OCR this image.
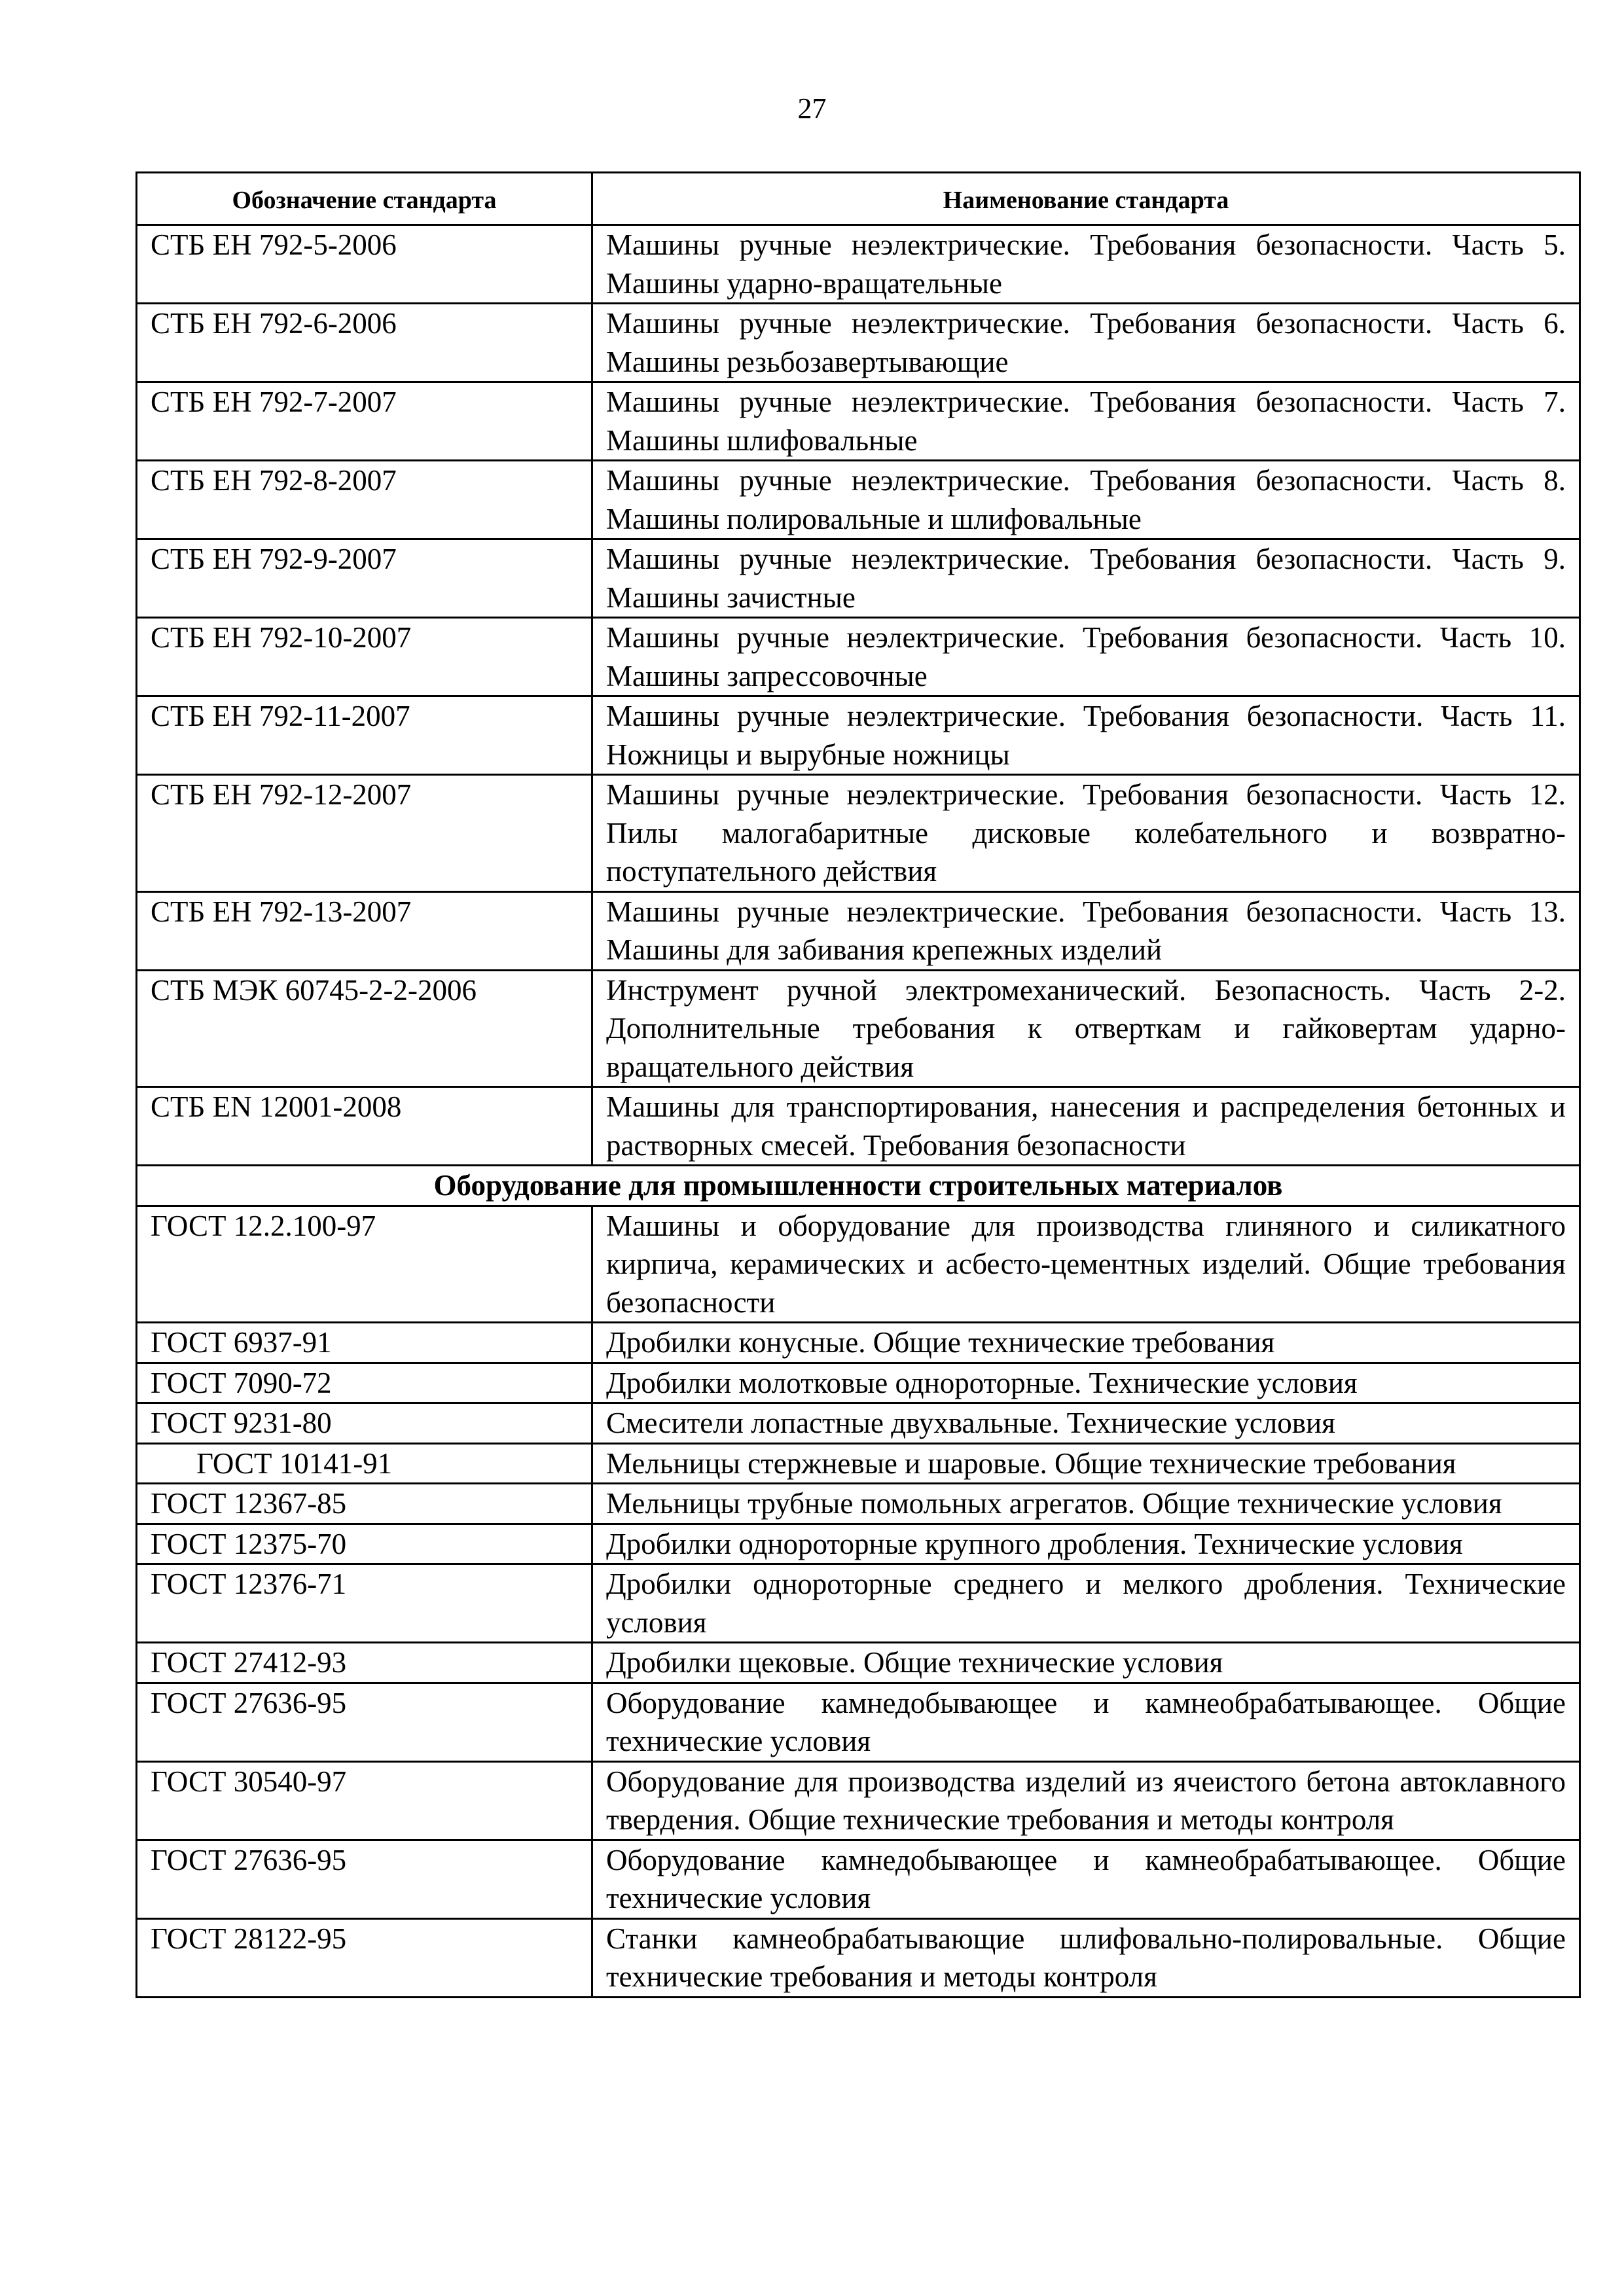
27
Обозначение стандарта	Наименование стандарта
СТБ ЕН 792-5-2006	Машины ручные неэлектрические. Требования безопасности. Часть 5. Машины ударно-вращательные
СТБ ЕН 792-6-2006	Машины ручные неэлектрические. Требования безопасности. Часть 6. Машины резьбозавертывающие
СТБ ЕН 792-7-2007	Машины ручные неэлектрические. Требования безопасности. Часть 7. Машины шлифовальные
СТБ ЕН 792-8-2007	Машины ручные неэлектрические. Требования безопасности. Часть 8. Машины полировальные и шлифовальные
СТБ ЕН 792-9-2007	Машины ручные неэлектрические. Требования безопасности. Часть 9. Машины зачистные
СТБ ЕН 792-10-2007	Машины ручные неэлектрические. Требования безопасности. Часть 10. Машины запрессовочные
СТБ ЕН 792-11-2007	Машины ручные неэлектрические. Требования безопасности. Часть 11. Ножницы и вырубные ножницы
СТБ ЕН 792-12-2007	Машины ручные неэлектрические. Требования безопасности. Часть 12. Пилы малогабаритные дисковые колебательного и возвратно-поступательного действия
СТБ ЕН 792-13-2007	Машины ручные неэлектрические. Требования безопасности. Часть 13. Машины для забивания крепежных изделий
СТБ МЭК 60745-2-2-2006	Инструмент ручной электромеханический. Безопасность. Часть 2-2. Дополнительные требования к отверткам и гайковертам ударно-вращательного действия
СТБ EN 12001-2008	Машины для транспортирования, нанесения и распределения бетонных и растворных смесей. Требования безопасности
Оборудование для промышленности строительных материалов	
ГОСТ 12.2.100-97	Машины и оборудование для производства глиняного и силикатного кирпича, керамических и асбесто-цементных изделий. Общие требования безопасности
ГОСТ 6937-91	Дробилки конусные. Общие технические требования
ГОСТ 7090-72	Дробилки молотковые однороторные. Технические условия
ГОСТ 9231-80	Смесители лопастные двухвальные. Технические условия
ГОСТ 10141-91	Мельницы стержневые и шаровые. Общие технические требования
ГОСТ 12367-85	Мельницы трубные помольных агрегатов. Общие технические условия
ГОСТ 12375-70	Дробилки однороторные крупного дробления. Технические условия
ГОСТ 12376-71	Дробилки однороторные среднего и мелкого дробления. Технические условия
ГОСТ 27412-93	Дробилки щековые. Общие технические условия
ГОСТ 27636-95	Оборудование камнедобывающее и камнеобрабатывающее. Общие технические условия
ГОСТ 30540-97	Оборудование для производства изделий из ячеистого бетона автоклавного твердения. Общие технические требования и методы контроля
ГОСТ 27636-95	Оборудование камнедобывающее и камнеобрабатывающее. Общие технические условия
ГОСТ 28122-95	Станки камнеобрабатывающие шлифовально-полировальные. Общие технические требования и методы контроля
